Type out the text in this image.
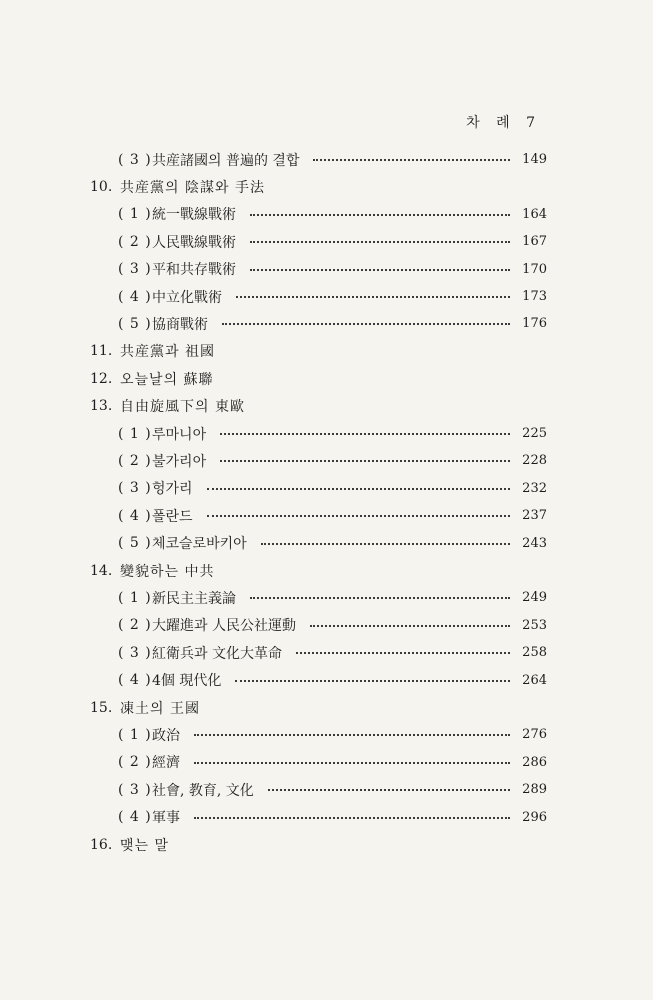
차 례 7
( 3 ) 共産諸國의 普遍的 결합	149
10. 共産黨의 陰謀와 手法
( 1 ) 統一戰線戰術	164
( 2 ) 人民戰線戰術	167
( 3 ) 平和共存戰術	170
( 4 ) 中立化戰術	173
( 5 ) 協商戰術	176
11. 共産黨과 祖國
12. 오늘날의 蘇聯
13. 自由旋風下의 東歐
( 1 ) 루마니아	225
( 2 ) 불가리아	228
( 3 ) 헝가리	232
( 4 ) 폴란드	237
( 5 ) 체코슬로바키아	243
14. 變貌하는 中共
( 1 ) 新民主主義論	249
( 2 ) 大躍進과 人民公社運動	253
( 3 ) 紅衛兵과 文化大革命	258
( 4 ) 4個 現代化	264
15. 凍土의 王國
( 1 ) 政治	276
( 2 ) 經濟	286
( 3 ) 社會, 教育, 文化	289
( 4 ) 軍事	296
16. 맺는 말
